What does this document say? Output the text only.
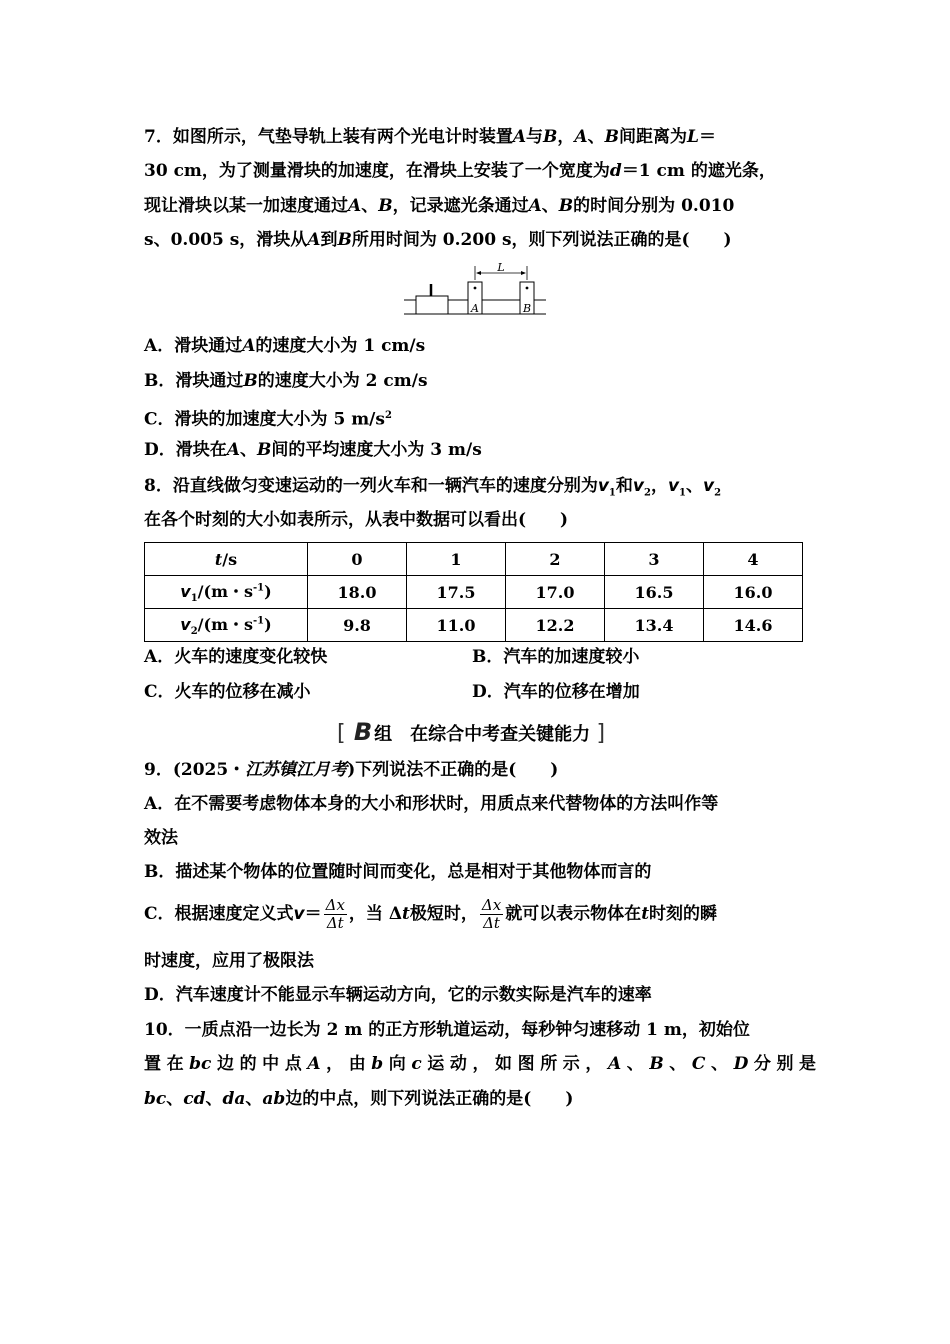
7．如图所示，气垫导轨上装有两个光电计时装置A与B，A、B间距离为L＝
30 cm，为了测量滑块的加速度，在滑块上安装了一个宽度为d＝1 cm 的遮光条，
现让滑块以某一加速度通过A、B，记录遮光条通过A、B的时间分别为 0.010
s、0.005 s，滑块从A到B所用时间为 0.200 s，则下列说法正确的是(　　)
L
A	B
A．滑块通过A的速度大小为 1 cm/s
B．滑块通过B的速度大小为 2 cm/s
C．滑块的加速度大小为 5 $m/s^2$
D．滑块在A、B间的平均速度大小为 3 m/s
8．沿直线做匀变速运动的一列火车和一辆汽车的速度分别为$v_1$和$v_2$，$v_1$、$v_2$
在各个时刻的大小如表所示，从表中数据可以看出(　　)
t/s	0	1	2	3	4
$v_1/(m$・$s^{-1}$)	18.0	17.5	17.0	16.5	16.0
$v_2/(m$・$s^{-1}$)	9.8	11.0	12.2	13.4	14.6
A．火车的速度变化较快	B．汽车的加速度较小
C．火车的位移在减小	D．汽车的位移在增加
[ B 组　在综合中考查关键能力 ]
9．(2025・江苏镇江月考)下列说法不正确的是(　　)
A．在不需要考虑物体本身的大小和形状时，用质点来代替物体的方法叫作等
效法
B．描述某个物体的位置随时间而变化，总是相对于其他物体而言的
C．根据速度定义式$v= \frac{\Delta x}{\Delta t}$ ，当 Δt极短时， $\frac{\Delta x}{\Delta t}$ 就可以表示物体在t时刻的瞬
时速度，应用了极限法
D．汽车速度计不能显示车辆运动方向，它的示数实际是汽车的速率
10．一质点沿一边长为 2 m 的正方形轨道运动，每秒钟匀速移动 1 m，初始位
置在bc边的中点A，由b向c运动，如图所示，A、B、C、D分别是
bc、cd、da、ab边的中点，则下列说法正确的是(　　)
